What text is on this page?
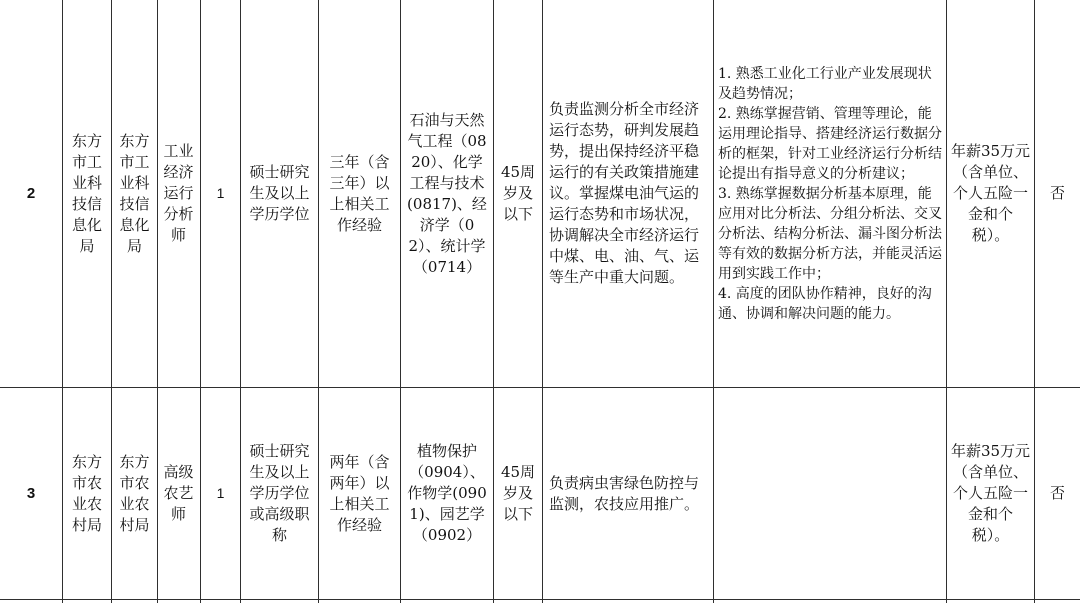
2
东方市工业科技信息化局
东方市工业科技信息化局
工业经济运行分析师
1
硕士研究生及以上学历学位
三年（含三年）以上相关工作经验
石油与天然气工程（0820）、化学工程与技术(0817)、经济学（02）、统计学（0714）
45周岁及以下
负责监测分析全市经济运行态势，研判发展趋势，提出保持经济平稳运行的有关政策措施建议。掌握煤电油气运的运行态势和市场状况，协调解决全市经济运行中煤、电、油、气、运等生产中重大问题。
1. 熟悉工业化工行业产业发展现状及趋势情况；
2. 熟练掌握营销、管理等理论，能运用理论指导、搭建经济运行数据分析的框架，针对工业经济运行分析结论提出有指导意义的分析建议；
3. 熟练掌握数据分析基本原理，能应用对比分析法、分组分析法、交叉分析法、结构分析法、漏斗图分析法等有效的数据分析方法，并能灵活运用到实践工作中；
4. 高度的团队协作精神，良好的沟通、协调和解决问题的能力。
年薪35万元（含单位、个人五险一金和个税）。
否
3
东方市农业农村局
东方市农业农村局
高级农艺师
1
硕士研究生及以上学历学位或高级职称
两年（含两年）以上相关工作经验
植物保护（0904）、作物学(0901)、园艺学（0902）
45周岁及以下
负责病虫害绿色防控与监测，农技应用推广。
年薪35万元（含单位、个人五险一金和个税）。
否
